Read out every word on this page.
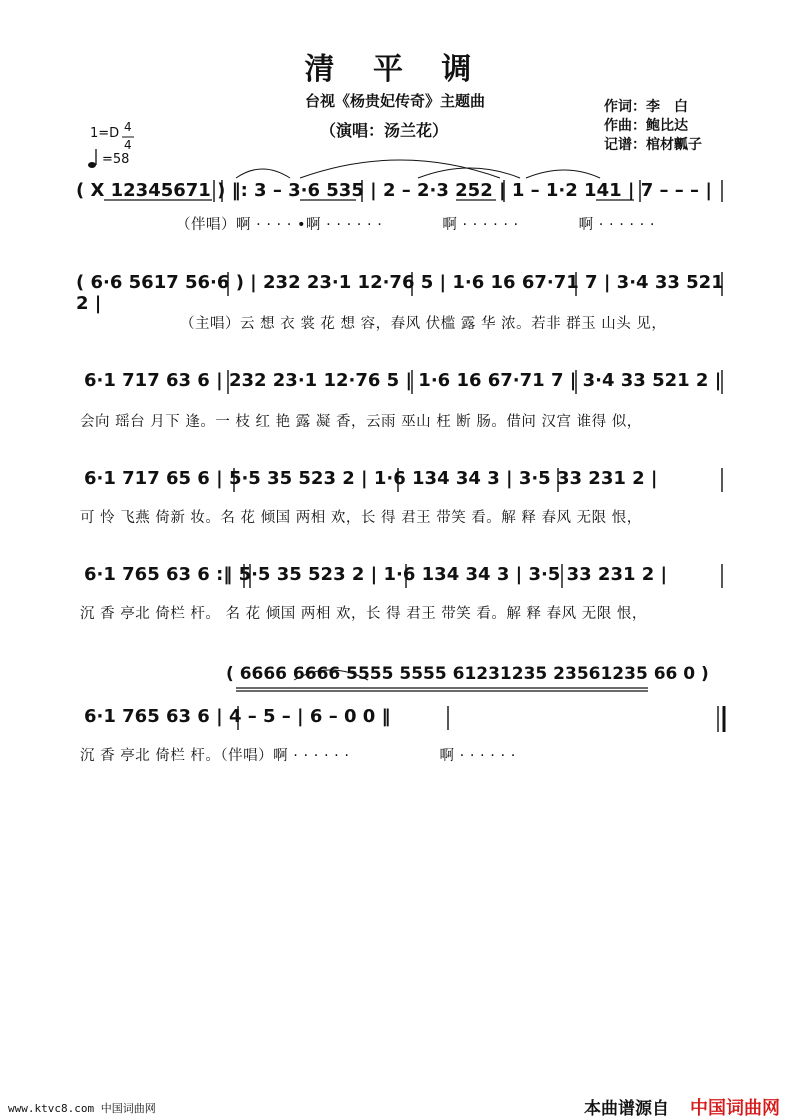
清 平 调
台视《杨贵妃传奇》主题曲
（演唱：汤兰花）
作词：李　白
作曲：鲍比达
记谱：棺材瓤子
1=D 4
4
=58
( X 12345671 ) ‖: 3 – 3·6 535 | 2 – 2·3 252 | 1 – 1·2 141 | 7 – – – |
（伴唱）啊 · · · · •啊 · · · · · ·　　　　啊 · · · · · ·　　　　啊 · · · · · ·
( 6·6 5617 56·6 ) | 232 23·1 12·76 5 | 1·6 16 67·71 7 | 3·4 33 521 2 |
（主唱）云 想 衣 裳 花 想 容，春风 伏槛 露 华 浓。若非 群玉 山头 见，
6·1 717 63 6 | 232 23·1 12·76 5 | 1·6 16 67·71 7 | 3·4 33 521 2 |
会向 瑶台 月下 逢。一 枝 红 艳 露 凝 香，云雨 巫山 枉 断 肠。借问 汉宫 谁得 似，
6·1 717 65 6 | 5·5 35 523 2 | 1·6 134 34 3 | 3·5 33 231 2 |
可 怜 飞燕 倚新 妆。名 花 倾国 两相 欢，长 得 君王 带笑 看。解 释 春风 无限 恨，
6·1 765 63 6 :‖ 5·5 35 523 2 | 1·6 134 34 3 | 3·5 33 231 2 |
沉 香 亭北 倚栏 杆。 名 花 倾国 两相 欢，长 得 君王 带笑 看。解 释 春风 无限 恨，
( 6666 6666 5555 5555 61231235 23561235 66 0 )
6·1 765 63 6 | 4 – 5 – | 6 – 0 0 ‖
沉 香 亭北 倚栏 杆。（伴唱）啊 · · · · · ·　　　　　　啊 · · · · · ·
www.ktvc8.com 中国词曲网	本曲谱源自 中国词曲网
